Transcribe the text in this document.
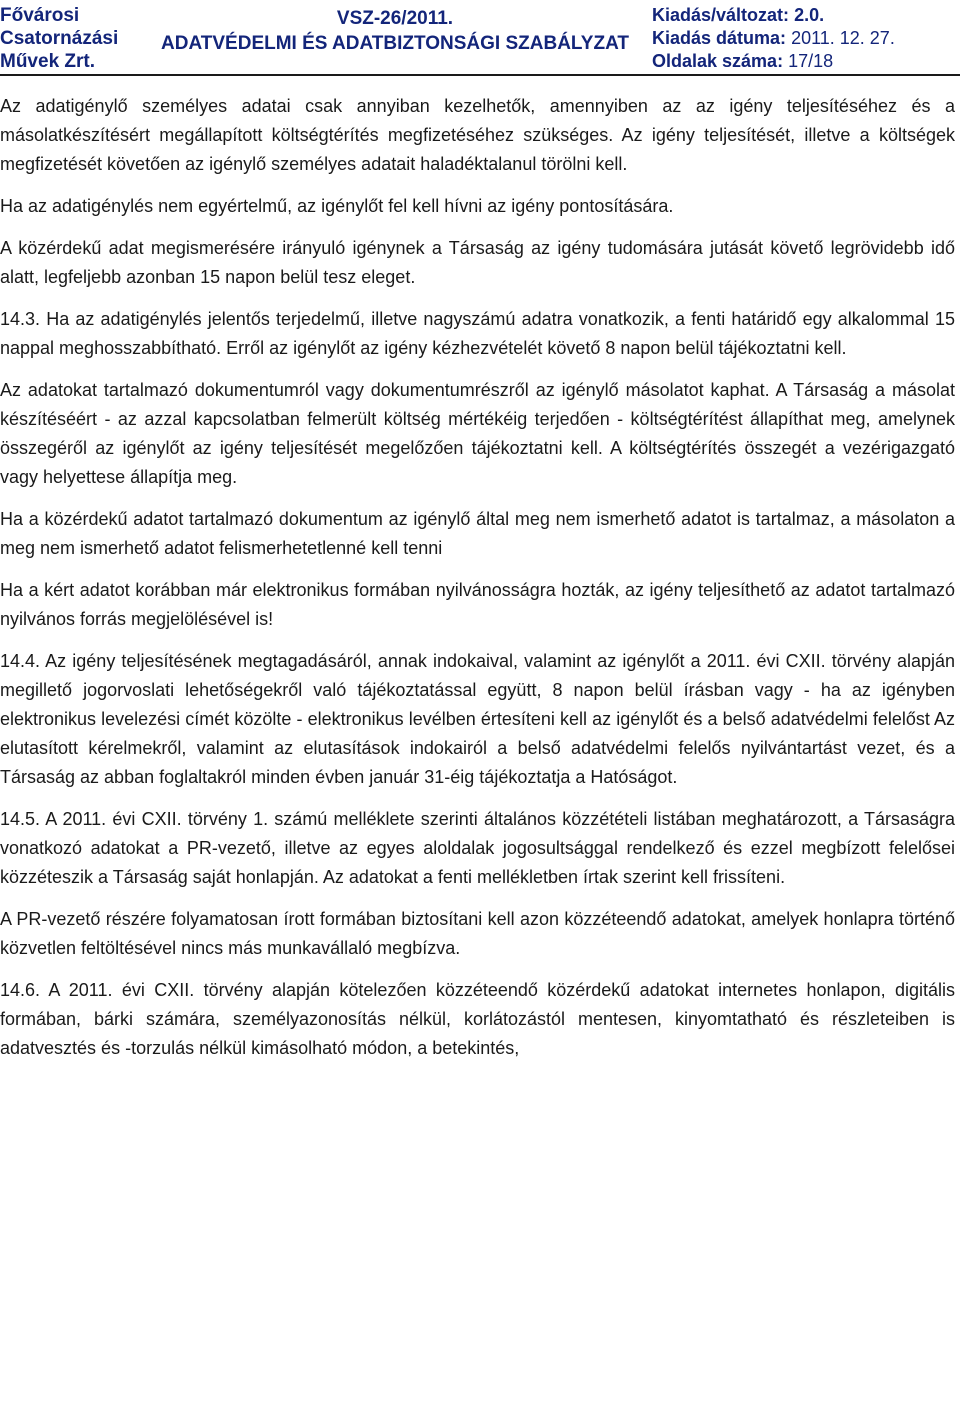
Fővárosi
Csatornázási
Művek Zrt.
VSZ-26/2011.
ADATVÉDELMI ÉS ADATBIZTONSÁGI SZABÁLYZAT
Kiadás/változat: 2.0.
Kiadás dátuma: 2011. 12. 27.
Oldalak száma: 17/18

Az adatigénylő személyes adatai csak annyiban kezelhetők, amennyiben az az igény teljesítéséhez és a másolatkészítésért megállapított költségtérítés megfizetéséhez szükséges. Az igény teljesítését, illetve a költségek megfizetését követően az igénylő személyes adatait haladéktalanul törölni kell.

Ha az adatigénylés nem egyértelmű, az igénylőt fel kell hívni az igény pontosítására.

A közérdekű adat megismerésére irányuló igénynek a Társaság az igény tudomására jutását követő legrövidebb idő alatt, legfeljebb azonban 15 napon belül tesz eleget.

14.3. Ha az adatigénylés jelentős terjedelmű, illetve nagyszámú adatra vonatkozik, a fenti határidő egy alkalommal 15 nappal meghosszabbítható. Erről az igénylőt az igény kézhezvételét követő 8 napon belül tájékoztatni kell.

Az adatokat tartalmazó dokumentumról vagy dokumentumrészről az igénylő másolatot kaphat. A Társaság a másolat készítéséért - az azzal kapcsolatban felmerült költség mértékéig terjedően - költségtérítést állapíthat meg, amelynek összegéről az igénylőt az igény teljesítését megelőzően tájékoztatni kell. A költségtérítés összegét a vezérigazgató vagy helyettese állapítja meg.

Ha a közérdekű adatot tartalmazó dokumentum az igénylő által meg nem ismerhető adatot is tartalmaz, a másolaton a meg nem ismerhető adatot felismerhetetlenné kell tenni

Ha a kért adatot korábban már elektronikus formában nyilvánosságra hozták, az igény teljesíthető az adatot tartalmazó nyilvános forrás megjelölésével is!

14.4. Az igény teljesítésének megtagadásáról, annak indokaival, valamint az igénylőt a 2011. évi CXII. törvény alapján megillető jogorvoslati lehetőségekről való tájékoztatással együtt, 8 napon belül írásban vagy - ha az igényben elektronikus levelezési címét közölte - elektronikus levélben értesíteni kell az igénylőt és a belső adatvédelmi felelőst Az elutasított kérelmekről, valamint az elutasítások indokairól a belső adatvédelmi felelős nyilvántartást vezet, és a Társaság az abban foglaltakról minden évben január 31-éig tájékoztatja a Hatóságot.

14.5. A 2011. évi CXII. törvény 1. számú melléklete szerinti általános közzétételi listában meghatározott, a Társaságra vonatkozó adatokat a PR-vezető, illetve az egyes aloldalak jogosultsággal rendelkező és ezzel megbízott felelősei közzéteszik a Társaság saját honlapján. Az adatokat a fenti mellékletben írtak szerint kell frissíteni.

A PR-vezető részére folyamatosan írott formában biztosítani kell azon közzéteendő adatokat, amelyek honlapra történő közvetlen feltöltésével nincs más munkavállaló megbízva.

14.6. A 2011. évi CXII. törvény alapján kötelezően közzéteendő közérdekű adatokat internetes honlapon, digitális formában, bárki számára, személyazonosítás nélkül, korlátozástól mentesen, kinyomtatható és részleteiben is adatvesztés és -torzulás nélkül kimásolható módon, a betekintés,
